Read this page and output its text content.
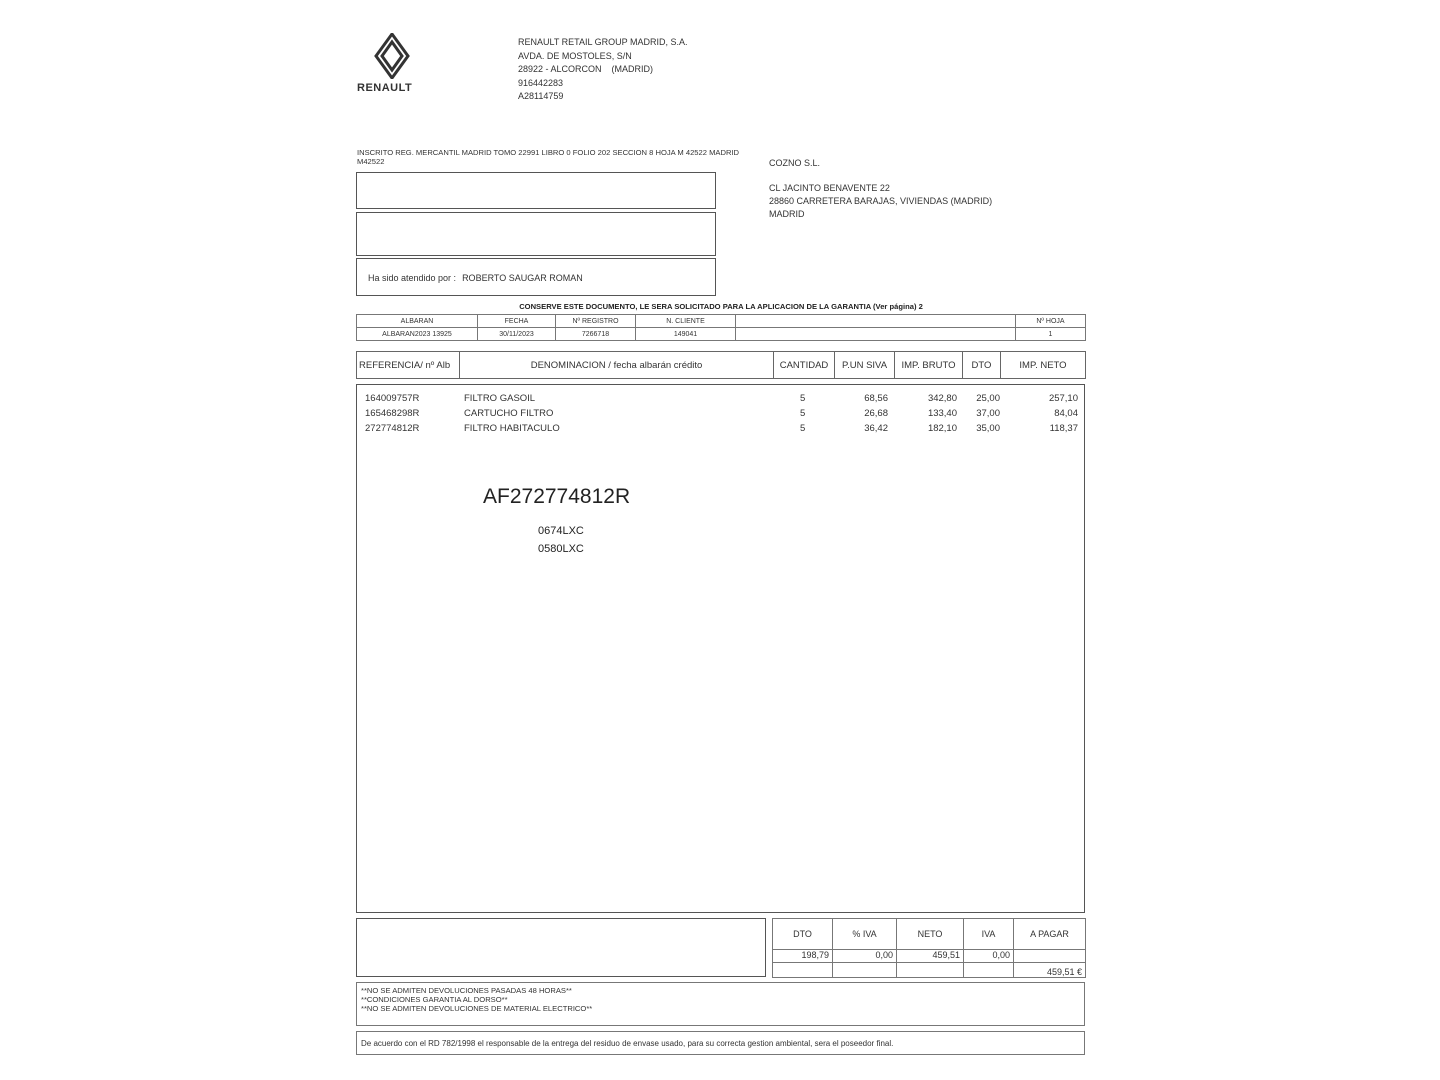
RENAULT
RENAULT RETAIL GROUP MADRID, S.A.
AVDA. DE MOSTOLES, S/N
28922 - ALCORCON    (MADRID)
916442283
A28114759
INSCRITO REG. MERCANTIL MADRID TOMO 22991 LIBRO 0 FOLIO 202 SECCION 8 HOJA M 42522 MADRID M42522
Ha sido atendido por : ROBERTO SAUGAR ROMAN
COZNO S.L.
CL JACINTO BENAVENTE 22
28860 CARRETERA BARAJAS, VIVIENDAS (MADRID)
MADRID
CONSERVE ESTE DOCUMENTO, LE SERA SOLICITADO PARA LA APLICACION DE LA GARANTIA (Ver página) 2
ALBARAN	FECHA	Nº REGISTRO	N. CLIENTE		Nº HOJA
ALBARAN2023 13925	30/11/2023	7266718	149041		1
REFERENCIA/ nº Alb	DENOMINACION / fecha albarán crédito	CANTIDAD	P.UN SIVA	IMP. BRUTO	DTO	IMP. NETO
164009757R	FILTRO GASOIL	5	68,56	342,80 25,00	257,10
165468298R	CARTUCHO FILTRO	5	26,68	133,40 37,00	84,04
272774812R	FILTRO HABITACULO	5	36,42	182,10 35,00	118,37
AF272774812R
0674LXC
0580LXC
DTO	% IVA	NETO	IVA	A PAGAR
198,79	0,00	459,51	0,00	
				459,51 €
**NO SE ADMITEN DEVOLUCIONES PASADAS 48 HORAS**
**CONDICIONES GARANTIA AL DORSO**
**NO SE ADMITEN DEVOLUCIONES DE MATERIAL ELECTRICO**
De acuerdo con el RD 782/1998 el responsable de la entrega del residuo de envase usado, para su correcta gestion ambiental, sera el poseedor final.
